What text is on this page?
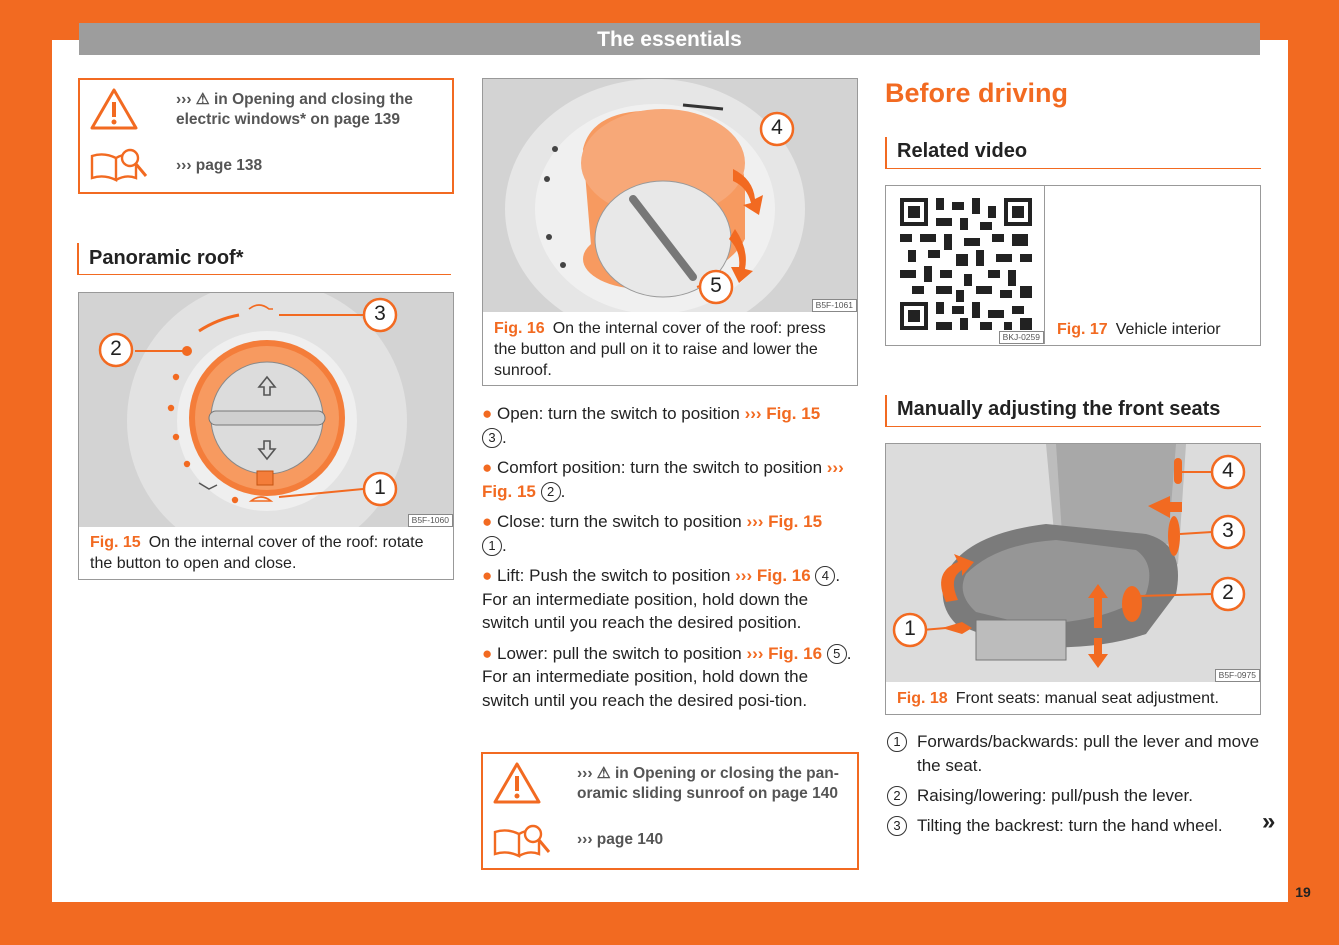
The essentials
››› ⚠ in Opening and closing the
electric windows* on page 139
››› page 138
Panoramic roof*
2
3
1
B5F-1060
Fig. 15 On the internal cover of the roof: rotate the button to open and close.
4
5
B5F-1061
Fig. 16 On the internal cover of the roof: press the button and pull on it to raise and lower the sunroof.
● Open: turn the switch to position ››› Fig. 15
3 .
● Comfort position: turn the switch to position ››› Fig. 15 2 .
● Close: turn the switch to position ››› Fig. 15
1 .
● Lift: Push the switch to position ››› Fig. 16 4 . For an intermediate position, hold down the switch until you reach the desired position.
● Lower: pull the switch to position ››› Fig. 16 5 . For an intermediate position, hold down the switch until you reach the desired posi-tion.
››› ⚠ in Opening or closing the pan-
oramic sliding sunroof on page 140
››› page 140
Before driving
Related video
BKJ-0259 Fig. 17 Vehicle interior
Manually adjusting the front seats
4
3
2
1
B5F-0975
Fig. 18 Front seats: manual seat adjustment.
1 Forwards/backwards: pull the lever and move the seat.
2 Raising/lowering: pull/push the lever.
3 Tilting the backrest: turn the hand wheel.	»
19
